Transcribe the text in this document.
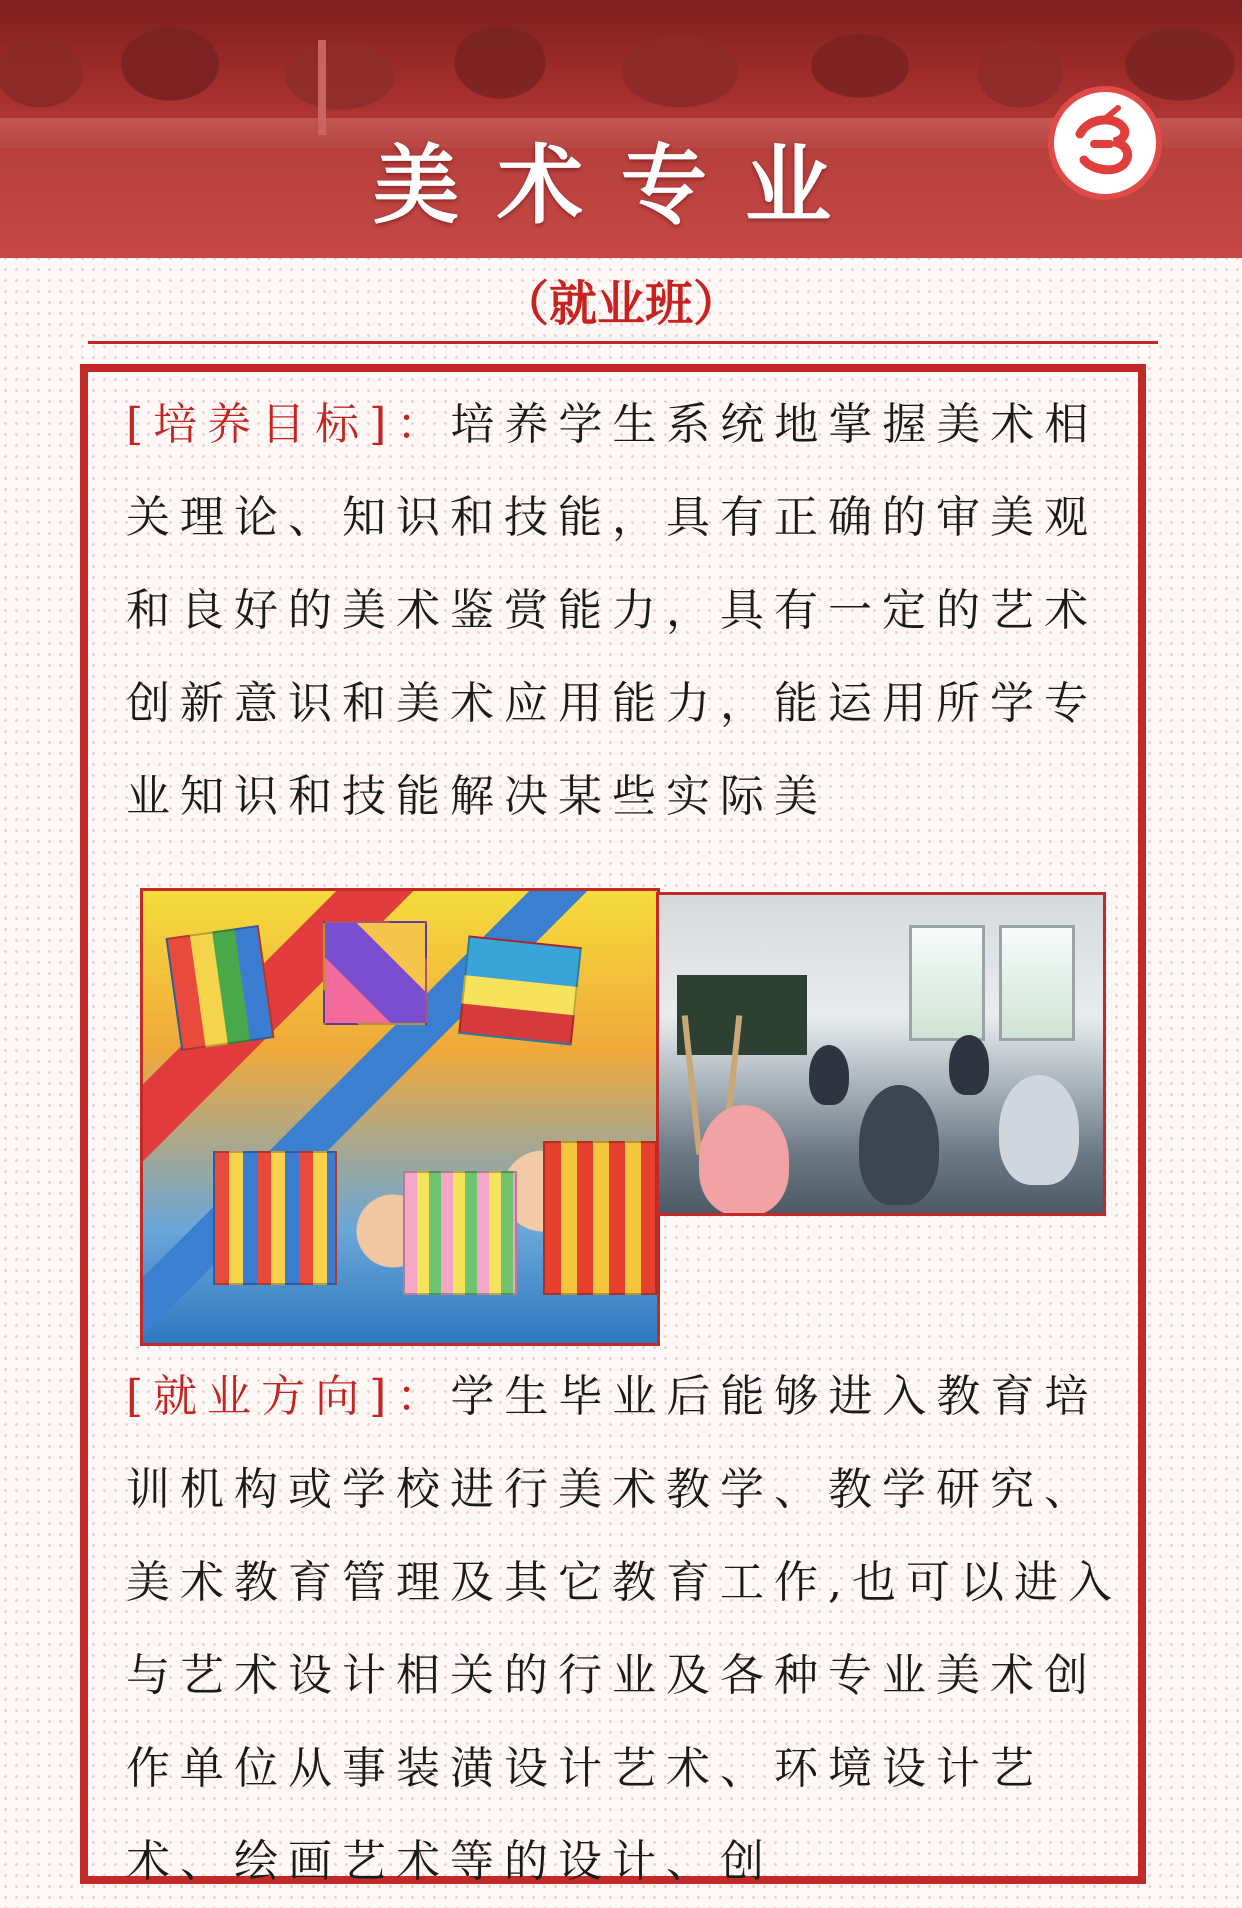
美术专业
（就业班）

[培养目标]：培养学生系统地掌握美术相关理论、知识和技能，具有正确的审美观和良好的美术鉴赏能力，具有一定的艺术创新意识和美术应用能力，能运用所学专业知识和技能解决某些实际美

[就业方向]：学生毕业后能够进入教育培训机构或学校进行美术教学、教学研究、美术教育管理及其它教育工作,也可以进入与艺术设计相关的行业及各种专业美术创作单位从事装潢设计艺术、环境设计艺术、绘画艺术等的设计、创
